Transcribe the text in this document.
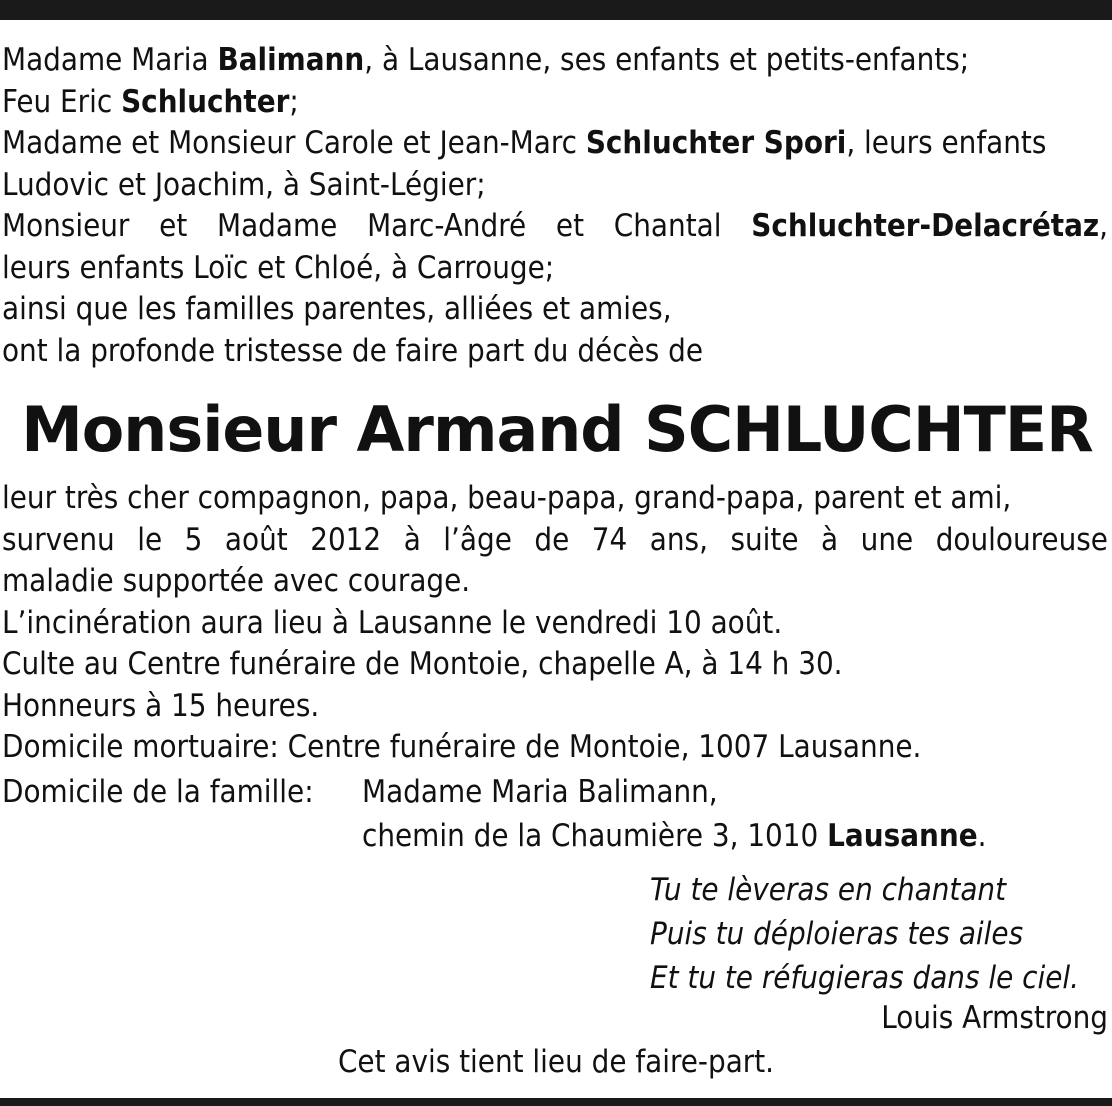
Madame Maria Balimann, à Lausanne, ses enfants et petits-enfants;
Feu Eric Schluchter;
Madame et Monsieur Carole et Jean-Marc Schluchter Spori, leurs enfants
Ludovic et Joachim, à Saint-Légier;
Monsieur et Madame Marc-André et Chantal Schluchter-Delacrétaz,
leurs enfants Loïc et Chloé, à Carrouge;
ainsi que les familles parentes, alliées et amies,
ont la profonde tristesse de faire part du décès de
Monsieur Armand SCHLUCHTER
leur très cher compagnon, papa, beau-papa, grand-papa, parent et ami,
survenu le 5 août 2012 à l’âge de 74 ans, suite à une douloureuse
maladie supportée avec courage.
L’incinération aura lieu à Lausanne le vendredi 10 août.
Culte au Centre funéraire de Montoie, chapelle A, à 14 h 30.
Honneurs à 15 heures.
Domicile mortuaire: Centre funéraire de Montoie, 1007 Lausanne.
Domicile de la famille:	Madame Maria Balimann,
chemin de la Chaumière 3, 1010 Lausanne.
Tu te lèveras en chantant
Puis tu déploieras tes ailes
Et tu te réfugieras dans le ciel.
Louis Armstrong
Cet avis tient lieu de faire-part.
